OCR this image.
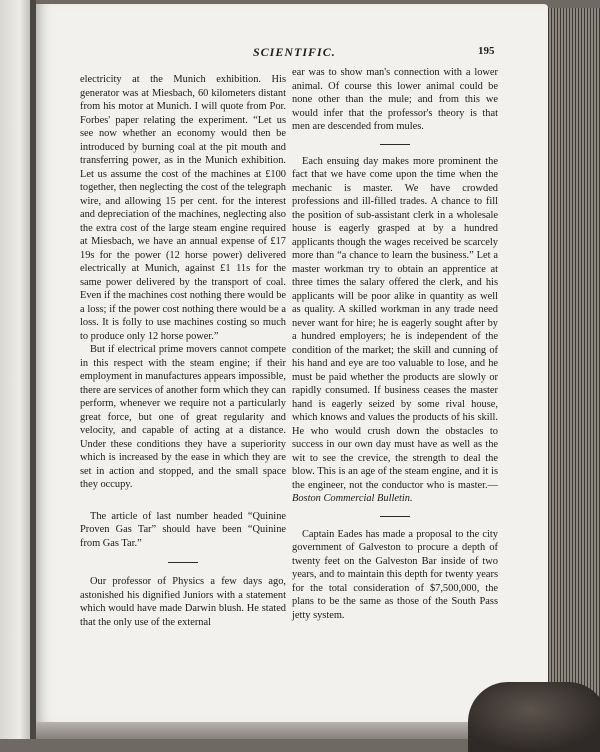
SCIENTIFIC.	195

electricity at the Munich exhibition. His generator was at Miesbach, 60 kilometers distant from his motor at Munich. I will quote from Por. Forbes' paper relating the experiment. “Let us see now whether an economy would then be introduced by burning coal at the pit mouth and transferring power, as in the Munich exhibition. Let us assume the cost of the machines at £100 together, then neglecting the cost of the telegraph wire, and allowing 15 per cent. for the interest and depreciation of the machines, neglecting also the extra cost of the large steam engine required at Miesbach, we have an annual expense of £17 19s for the power (12 horse power) delivered electrically at Munich, against £1 11s for the same power delivered by the transport of coal. Even if the machines cost nothing there would be a loss; if the power cost nothing there would be a loss. It is folly to use machines costing so much to produce only 12 horse power.”

But if electrical prime movers cannot compete in this respect with the steam engine; if their employment in manufactures appears impossible, there are services of another form which they can perform, whenever we require not a particularly great force, but one of great regularity and velocity, and capable of acting at a distance. Under these conditions they have a superiority which is increased by the ease in which they are set in action and stopped, and the small space they occupy.

The article of last number headed “Quinine Proven Gas Tar” should have been “Quinine from Gas Tar.”

Our professor of Physics a few days ago, astonished his dignified Juniors with a statement which would have made Darwin blush. He stated that the only use of the external

ear was to show man's connection with a lower animal. Of course this lower animal could be none other than the mule; and from this we would infer that the professor's theory is that men are descended from mules.

Each ensuing day makes more prominent the fact that we have come upon the time when the mechanic is master. We have crowded professions and ill-filled trades. A chance to fill the position of sub-assistant clerk in a wholesale house is eagerly grasped at by a hundred applicants though the wages received be scarcely more than “a chance to learn the business.” Let a master workman try to obtain an apprentice at three times the salary offered the clerk, and his applicants will be poor alike in quantity as well as quality. A skilled workman in any trade need never want for hire; he is eagerly sought after by a hundred employers; he is independent of the condition of the market; the skill and cunning of his hand and eye are too valuable to lose, and he must be paid whether the products are slowly or rapidly consumed. If business ceases the master hand is eagerly seized by some rival house, which knows and values the products of his skill. He who would crush down the obstacles to success in our own day must have as well as the wit to see the crevice, the strength to deal the blow. This is an age of the steam engine, and it is the engineer, not the conductor who is master.—Boston Commercial Bulletin.

Captain Eades has made a proposal to the city government of Galveston to procure a depth of twenty feet on the Galveston Bar inside of two years, and to maintain this depth for twenty years for the total consideration of $7,500,000, the plans to be the same as those of the South Pass jetty system.
